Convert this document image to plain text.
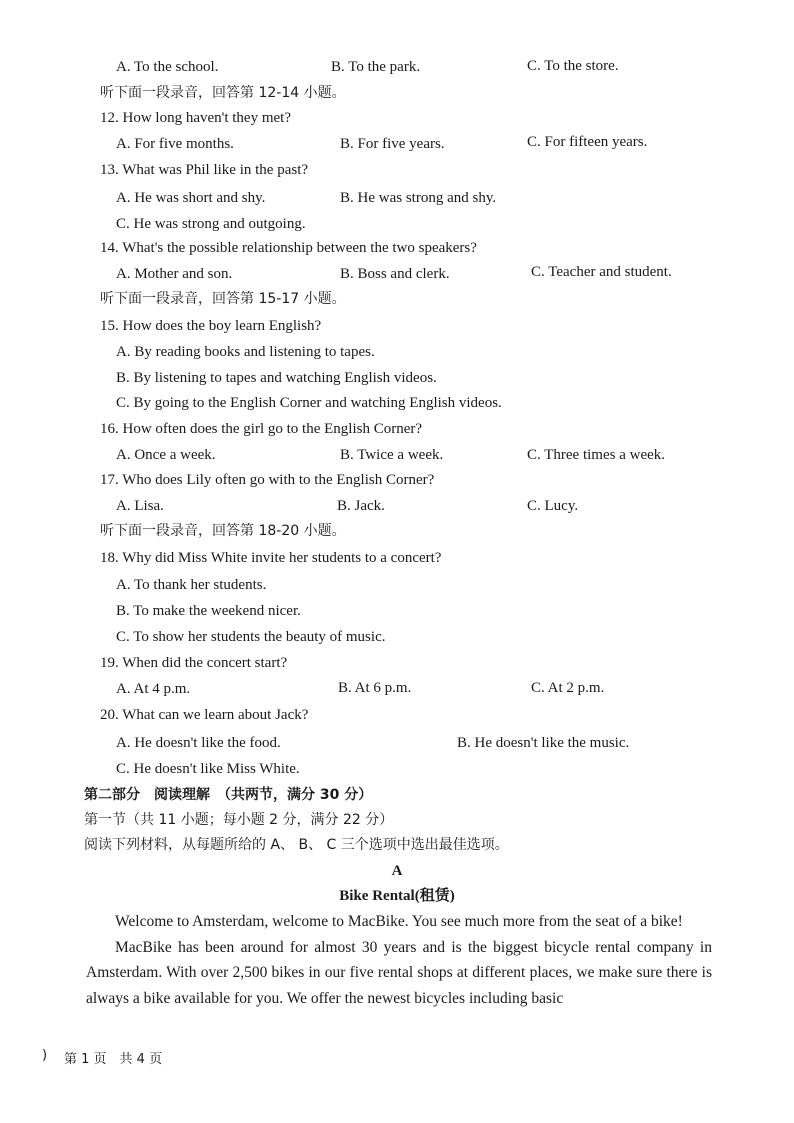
A. To the school.	B. To the park.	C. To the store.
听下面一段录音，回答第 12-14 小题。
12. How long haven't they met?
A. For five months.	B. For five years.	C. For fifteen years.
13. What was Phil like in the past?
A. He was short and shy.	B. He was strong and shy.
C. He was strong and outgoing.
14. What's the possible relationship between the two speakers?
A. Mother and son.	B. Boss and clerk.	C. Teacher and student.
听下面一段录音，回答第 15-17 小题。
15. How does the boy learn English?
A. By reading books and listening to tapes.
B. By listening to tapes and watching English videos.
C. By going to the English Corner and watching English videos.
16. How often does the girl go to the English Corner?
A. Once a week.	B. Twice a week.	C. Three times a week.
17. Who does Lily often go with to the English Corner?
A. Lisa.	B. Jack.	C. Lucy.
听下面一段录音，回答第 18-20 小题。
18. Why did Miss White invite her students to a concert?
A. To thank her students.
B. To make the weekend nicer.
C. To show her students the beauty of music.
19. When did the concert start?
A. At 4 p.m.	B. At 6 p.m.	C. At 2 p.m.
20. What can we learn about Jack?
A. He doesn't like the food.	B. He doesn't like the music.
C. He doesn't like Miss White.
第二部分　阅读理解　（共两节，满分 30 分）
第一节（共 11 小题；每小题 2 分，满分 22 分）
阅读下列材料，从每题所给的 A、 B、 C 三个选项中选出最佳选项。
A
Bike Rental(租赁)

Welcome to Amsterdam, welcome to MacBike. You see much more from the seat of a bike!

MacBike has been around for almost 30 years and is the biggest bicycle rental company in Amsterdam. With over 2,500 bikes in our five rental shops at different places, we make sure there is always a bike available for you. We offer the newest bicycles including basic

) 第 1 页　共 4 页
